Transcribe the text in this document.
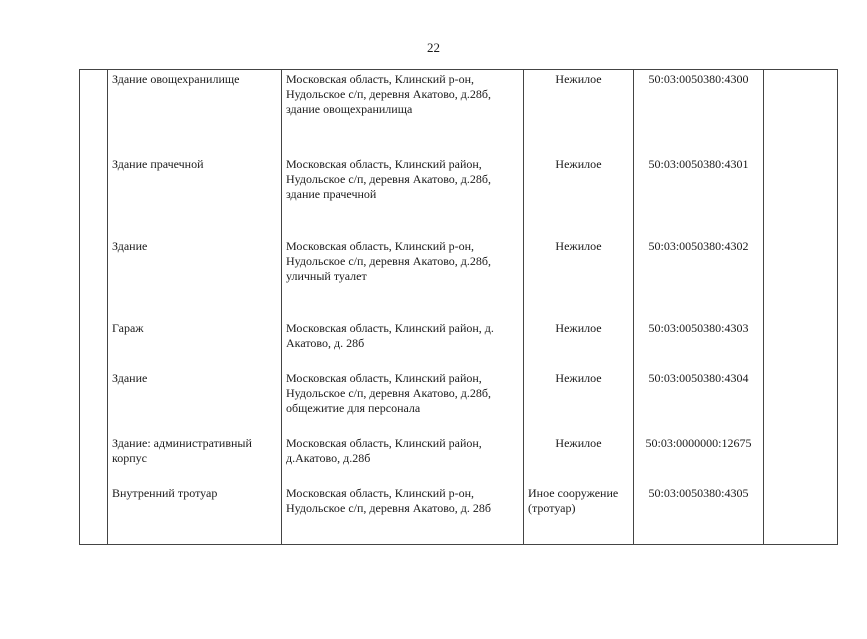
22
	Здание овощехранилище	Московская область, Клинский р-он, Нудольское с/п, деревня Акатово, д.28б, здание овощехранилища	Нежилое	50:03:0050380:4300	
	Здание прачечной	Московская область, Клинский район, Нудольское с/п, деревня Акатово, д.28б, здание прачечной	Нежилое	50:03:0050380:4301	
	Здание	Московская область, Клинский р-он, Нудольское с/п, деревня Акатово, д.28б, уличный туалет	Нежилое	50:03:0050380:4302	
	Гараж	Московская область, Клинский район, д. Акатово, д. 28б	Нежилое	50:03:0050380:4303	
	Здание	Московская область, Клинский район, Нудольское с/п, деревня Акатово, д.28б, общежитие для персонала	Нежилое	50:03:0050380:4304	
	Здание: административный корпус	Московская область, Клинский район, д.Акатово, д.28б	Нежилое	50:03:0000000:12675	
	Внутренний тротуар	Московская область, Клинский р-он, Нудольское с/п, деревня Акатово, д. 28б	Иное сооружение (тротуар)	50:03:0050380:4305	
